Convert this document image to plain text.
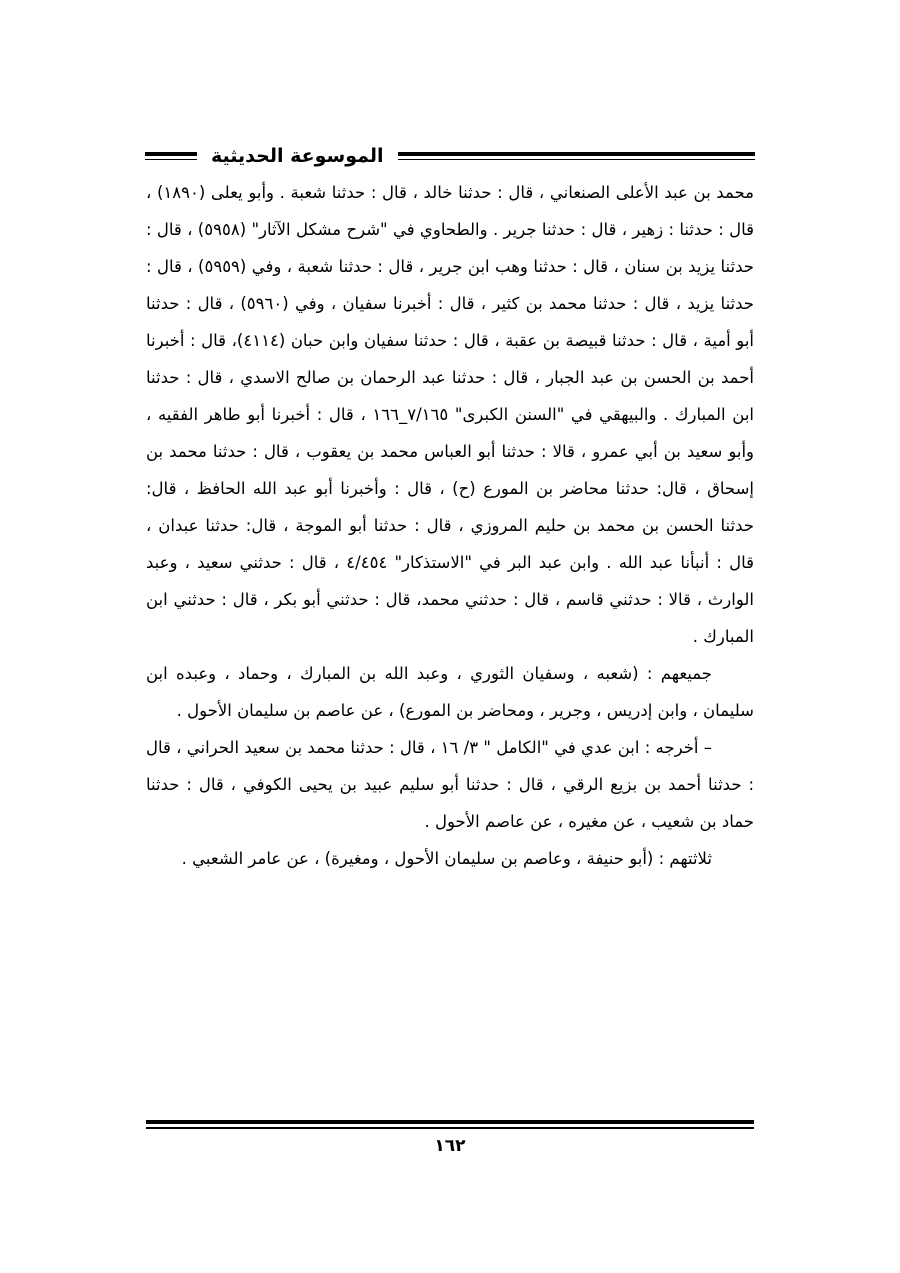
الموسوعة الحديثية

محمد بن عبد الأعلى الصنعاني ، قال : حدثنا خالد ، قال : حدثنا شعبة . وأبو يعلى (١٨٩٠) ، قال : حدثنا : زهير ، قال : حدثنا جرير . والطحاوي في "شرح مشكل الآثار" (٥٩٥٨) ، قال : حدثنا يزيد بن سنان ، قال : حدثنا وهب ابن جرير ، قال : حدثنا شعبة ، وفي (٥٩٥٩) ، قال : حدثنا يزيد ، قال : حدثنا محمد بن كثير ، قال : أخبرنا سفيان ، وفي (٥٩٦٠) ، قال : حدثنا أبو أمية ، قال : حدثنا قبيصة بن عقبة ، قال : حدثنا سفيان وابن حبان (٤١١٤)، قال : أخبرنا أحمد بن الحسن بن عبد الجبار ، قال : حدثنا عبد الرحمان بن صالح الاسدي ، قال : حدثنا ابن المبارك . والبيهقي في "السنن الكبرى" ٧/١٦٥_١٦٦ ، قال : أخبرنا أبو طاهر الفقيه ، وأبو سعيد بن أبي عمرو ، قالا : حدثنا أبو العباس محمد بن يعقوب ، قال : حدثنا محمد بن إسحاق ، قال: حدثنا محاضر بن المورع (ح) ، قال : وأخبرنا أبو عبد الله الحافظ ، قال: حدثنا الحسن بن محمد بن حليم المروزي ، قال : حدثنا أبو الموجة ، قال: حدثنا عبدان ، قال : أنبأنا عبد الله . وابن عبد البر في "الاستذكار" ٤/٤٥٤ ، قال : حدثني سعيد ، وعبد الوارث ، قالا : حدثني قاسم ، قال : حدثني محمد، قال : حدثني أبو بكر ، قال : حدثني ابن المبارك .

جميعهم : (شعبه ، وسفيان الثوري ، وعبد الله بن المبارك ، وحماد ، وعبده ابن سليمان ، وابن إدريس ، وجرير ، ومحاضر بن المورع) ، عن عاصم بن سليمان الأحول .

– أخرجه : ابن عدي في "الكامل " ٣/ ١٦ ، قال : حدثنا محمد بن سعيد الحراني ، قال : حدثنا أحمد بن بزيع الرقي ، قال : حدثنا أبو سليم عبيد بن يحيى الكوفي ، قال : حدثنا حماد بن شعيب ، عن مغيره ، عن عاصم الأحول .

ثلاثتهم : (أبو حنيفة ، وعاصم بن سليمان الأحول ، ومغيرة) ، عن عامر الشعبي .

١٦٢
